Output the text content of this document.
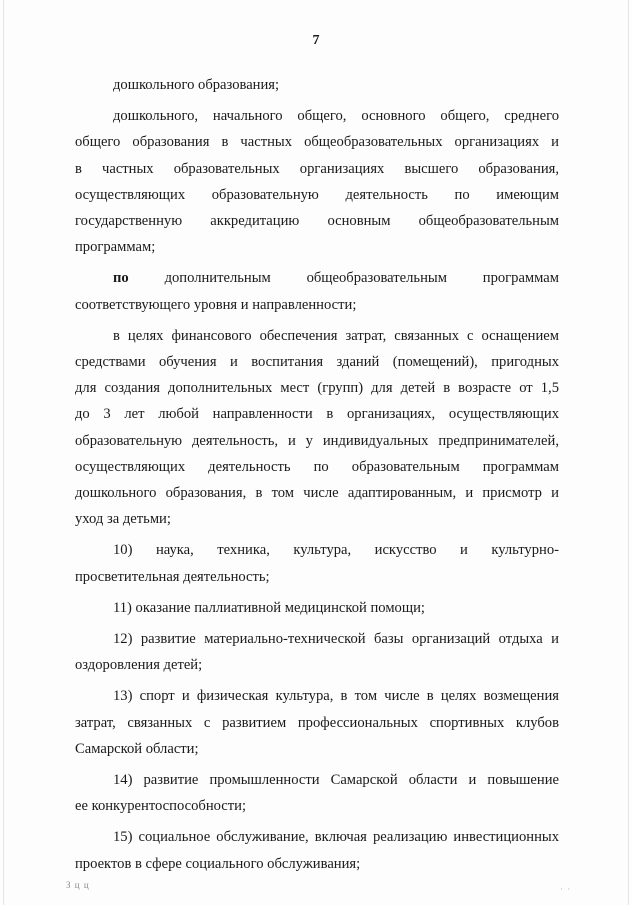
7

дошкольного образования;

дошкольного, начального общего, основного общего, среднего
общего образования в частных общеобразовательных организациях и
в частных образовательных организациях высшего образования,
осуществляющих образовательную деятельность по имеющим
государственную аккредитацию основным общеобразовательным
программам;
по дополнительным общеобразовательным программам
соответствующего уровня и направленности;
в целях финансового обеспечения затрат, связанных с оснащением
средствами обучения и воспитания зданий (помещений), пригодных
для создания дополнительных мест (групп) для детей в возрасте от 1,5
до 3 лет любой направленности в организациях, осуществляющих
образовательную деятельность, и у индивидуальных предпринимателей,
осуществляющих деятельность по образовательным программам
дошкольного образования, в том числе адаптированным, и присмотр и
уход за детьми;
10) наука, техника, культура, искусство и культурно-
просветительная деятельность;

11) оказание паллиативной медицинской помощи;

12) развитие материально-технической базы организаций отдыха и
оздоровления детей;
13) спорт и физическая культура, в том числе в целях возмещения
затрат, связанных с развитием профессиональных спортивных клубов
Самарской области;
14) развитие промышленности Самарской области и повышение
ее конкурентоспособности;
15) социальное обслуживание, включая реализацию инвестиционных
проектов в сфере социального обслуживания;
З ц ц	· ·
